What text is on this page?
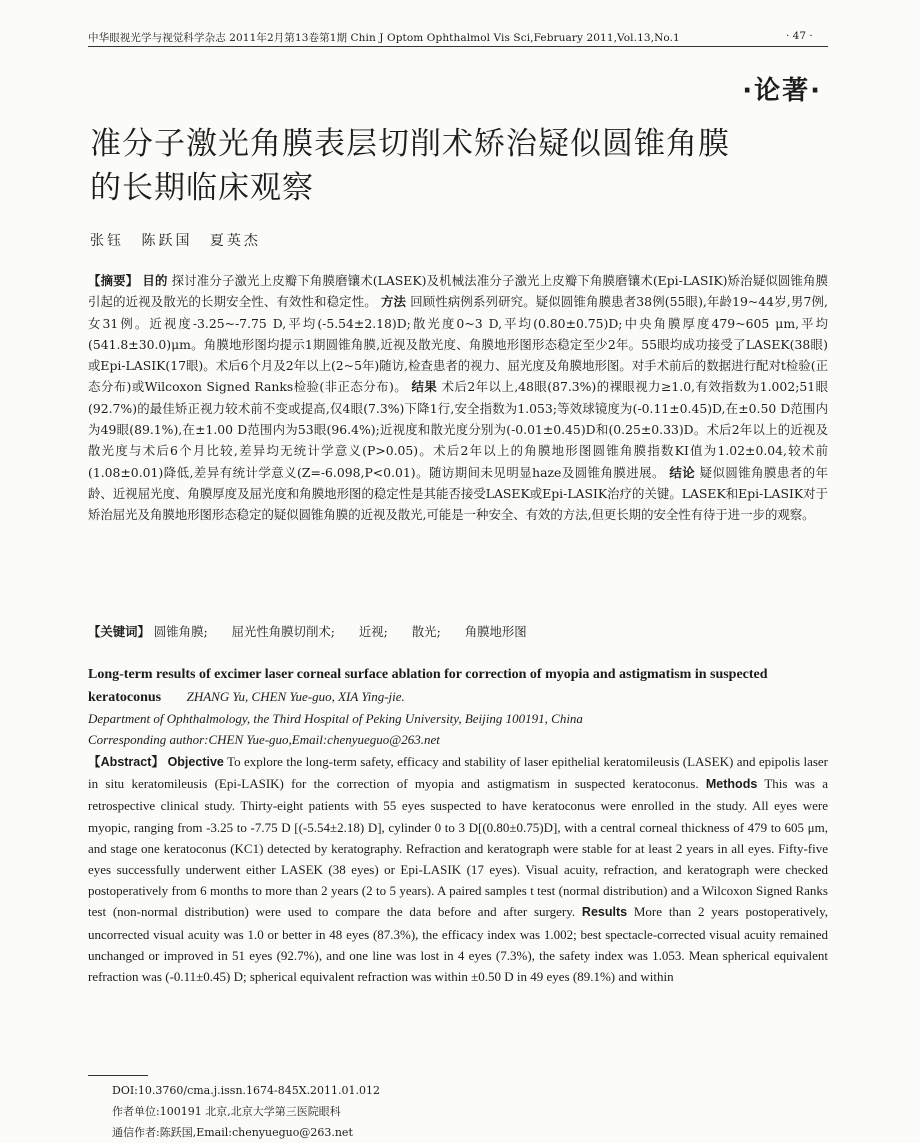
中华眼视光学与视觉科学杂志 2011年2月第13卷第1期 Chin J Optom Ophthalmol Vis Sci,February 2011,Vol.13,No.1	· 47 ·
·论著·
准分子激光角膜表层切削术矫治疑似圆锥角膜的长期临床观察
张钰 陈跃国 夏英杰
【摘要】 目的 探讨准分子激光上皮瓣下角膜磨镶术(LASEK)及机械法准分子激光上皮瓣下角膜磨镶术(Epi-LASIK)矫治疑似圆锥角膜引起的近视及散光的长期安全性、有效性和稳定性。 方法 回顾性病例系列研究。疑似圆锥角膜患者38例(55眼),年龄19~44岁,男7例,女31例。近视度-3.25~-7.75 D,平均(-5.54±2.18)D;散光度0~3 D,平均(0.80±0.75)D;中央角膜厚度479~605 μm,平均(541.8±30.0)μm。角膜地形图均提示1期圆锥角膜,近视及散光度、角膜地形图形态稳定至少2年。55眼均成功接受了LASEK(38眼)或Epi-LASIK(17眼)。术后6个月及2年以上(2~5年)随访,检查患者的视力、屈光度及角膜地形图。对手术前后的数据进行配对t检验(正态分布)或Wilcoxon Signed Ranks检验(非正态分布)。 结果 术后2年以上,48眼(87.3%)的裸眼视力≥1.0,有效指数为1.002;51眼(92.7%)的最佳矫正视力较术前不变或提高,仅4眼(7.3%)下降1行,安全指数为1.053;等效球镜度为(-0.11±0.45)D,在±0.50 D范围内为49眼(89.1%),在±1.00 D范围内为53眼(96.4%);近视度和散光度分别为(-0.01±0.45)D和(0.25±0.33)D。术后2年以上的近视及散光度与术后6个月比较,差异均无统计学意义(P>0.05)。术后2年以上的角膜地形图圆锥角膜指数KI值为1.02±0.04,较术前(1.08±0.01)降低,差异有统计学意义(Z=-6.098,P<0.01)。随访期间未见明显haze及圆锥角膜进展。 结论 疑似圆锥角膜患者的年龄、近视屈光度、角膜厚度及屈光度和角膜地形图的稳定性是其能否接受LASEK或Epi-LASIK治疗的关键。LASEK和Epi-LASIK对于矫治屈光及角膜地形图形态稳定的疑似圆锥角膜的近视及散光,可能是一种安全、有效的方法,但更长期的安全性有待于进一步的观察。
【关键词】 圆锥角膜; 屈光性角膜切削术; 近视; 散光; 角膜地形图
Long-term results of excimer laser corneal surface ablation for correction of myopia and astigmatism in suspected keratoconus ZHANG Yu, CHEN Yue-guo, XIA Ying-jie.
Department of Ophthalmology, the Third Hospital of Peking University, Beijing 100191, China
Corresponding author:CHEN Yue-guo,Email:chenyueguo@263.net
【Abstract】 Objective To explore the long-term safety, efficacy and stability of laser epithelial keratomileusis (LASEK) and epipolis laser in situ keratomileusis (Epi-LASIK) for the correction of myopia and astigmatism in suspected keratoconus. Methods This was a retrospective clinical study. Thirty-eight patients with 55 eyes suspected to have keratoconus were enrolled in the study. All eyes were myopic, ranging from -3.25 to -7.75 D [(-5.54±2.18) D], cylinder 0 to 3 D[(0.80±0.75)D], with a central corneal thickness of 479 to 605 μm, and stage one keratoconus (KC1) detected by keratography. Refraction and keratograph were stable for at least 2 years in all eyes. Fifty-five eyes successfully underwent either LASEK (38 eyes) or Epi-LASIK (17 eyes). Visual acuity, refraction, and keratograph were checked postoperatively from 6 months to more than 2 years (2 to 5 years). A paired samples t test (normal distribution) and a Wilcoxon Signed Ranks test (non-normal distribution) were used to compare the data before and after surgery. Results More than 2 years postoperatively, uncorrected visual acuity was 1.0 or better in 48 eyes (87.3%), the efficacy index was 1.002; best spectacle-corrected visual acuity remained unchanged or improved in 51 eyes (92.7%), and one line was lost in 4 eyes (7.3%), the safety index was 1.053. Mean spherical equivalent refraction was (-0.11±0.45) D; spherical equivalent refraction was within ±0.50 D in 49 eyes (89.1%) and within
DOI:10.3760/cma.j.issn.1674-845X.2011.01.012
作者单位:100191 北京,北京大学第三医院眼科
通信作者:陈跃国,Email:chenyueguo@263.net
